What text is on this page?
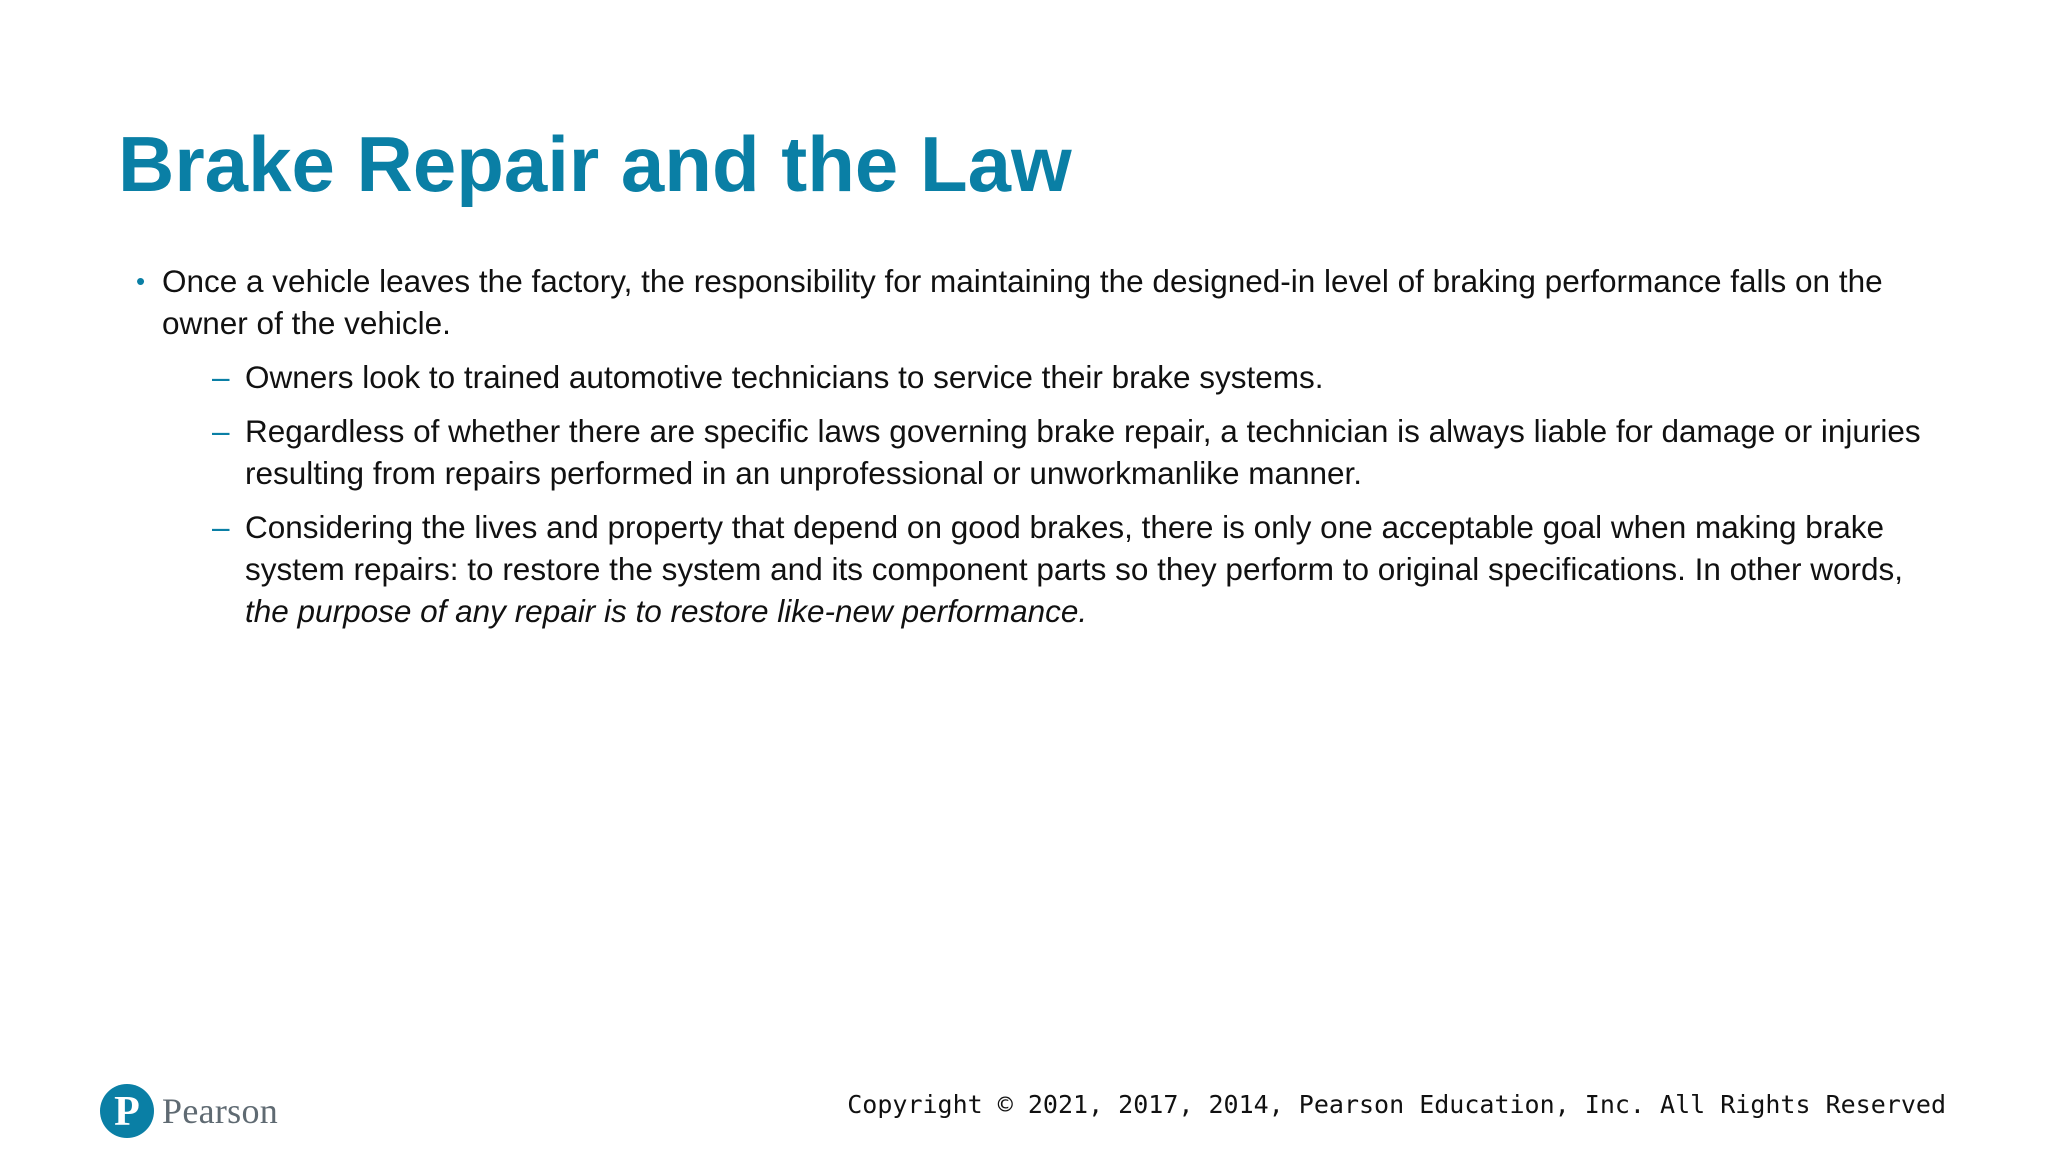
Brake Repair and the Law
• Once a vehicle leaves the factory, the responsibility for maintaining the designed-in level of braking performance falls on the owner of the vehicle.
– Owners look to trained automotive technicians to service their brake systems.
– Regardless of whether there are specific laws governing brake repair, a technician is always liable for damage or injuries resulting from repairs performed in an unprofessional or unworkmanlike manner.
– Considering the lives and property that depend on good brakes, there is only one acceptable goal when making brake system repairs: to restore the system and its component parts so they perform to original specifications. In other words, the purpose of any repair is to restore like-new performance.
P Pearson	Copyright © 2021, 2017, 2014, Pearson Education, Inc. All Rights Reserved
